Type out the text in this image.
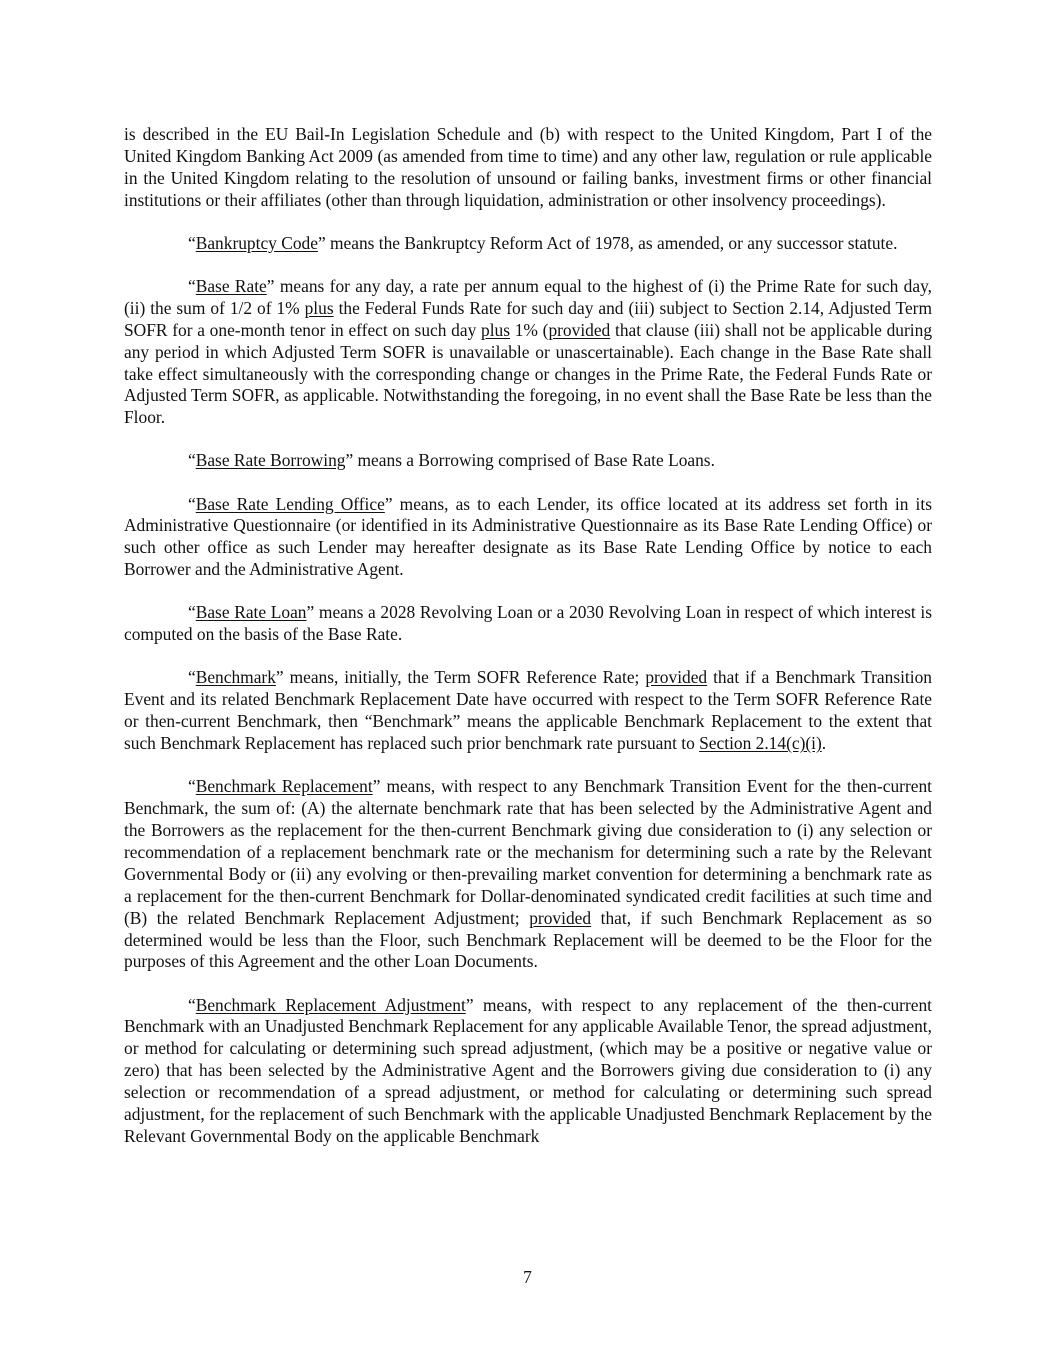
is described in the EU Bail-In Legislation Schedule and (b) with respect to the United Kingdom, Part I of the United Kingdom Banking Act 2009 (as amended from time to time) and any other law, regulation or rule applicable in the United Kingdom relating to the resolution of unsound or failing banks, investment firms or other financial institutions or their affiliates (other than through liquidation, administration or other insolvency proceedings).

“Bankruptcy Code” means the Bankruptcy Reform Act of 1978, as amended, or any successor statute.

“Base Rate” means for any day, a rate per annum equal to the highest of (i) the Prime Rate for such day, (ii) the sum of 1/2 of 1% plus the Federal Funds Rate for such day and (iii) subject to Section 2.14, Adjusted Term SOFR for a one-month tenor in effect on such day plus 1% (provided that clause (iii) shall not be applicable during any period in which Adjusted Term SOFR is unavailable or unascertainable). Each change in the Base Rate shall take effect simultaneously with the corresponding change or changes in the Prime Rate, the Federal Funds Rate or Adjusted Term SOFR, as applicable. Notwithstanding the foregoing, in no event shall the Base Rate be less than the Floor.

“Base Rate Borrowing” means a Borrowing comprised of Base Rate Loans.

“Base Rate Lending Office” means, as to each Lender, its office located at its address set forth in its Administrative Questionnaire (or identified in its Administrative Questionnaire as its Base Rate Lending Office) or such other office as such Lender may hereafter designate as its Base Rate Lending Office by notice to each Borrower and the Administrative Agent.

“Base Rate Loan” means a 2028 Revolving Loan or a 2030 Revolving Loan in respect of which interest is computed on the basis of the Base Rate.

“Benchmark” means, initially, the Term SOFR Reference Rate; provided that if a Benchmark Transition Event and its related Benchmark Replacement Date have occurred with respect to the Term SOFR Reference Rate or then-current Benchmark, then “Benchmark” means the applicable Benchmark Replacement to the extent that such Benchmark Replacement has replaced such prior benchmark rate pursuant to Section 2.14(c)(i).

“Benchmark Replacement” means, with respect to any Benchmark Transition Event for the then-current Benchmark, the sum of: (A) the alternate benchmark rate that has been selected by the Administrative Agent and the Borrowers as the replacement for the then-current Benchmark giving due consideration to (i) any selection or recommendation of a replacement benchmark rate or the mechanism for determining such a rate by the Relevant Governmental Body or (ii) any evolving or then-prevailing market convention for determining a benchmark rate as a replacement for the then-current Benchmark for Dollar-denominated syndicated credit facilities at such time and (B) the related Benchmark Replacement Adjustment; provided that, if such Benchmark Replacement as so determined would be less than the Floor, such Benchmark Replacement will be deemed to be the Floor for the purposes of this Agreement and the other Loan Documents.

“Benchmark Replacement Adjustment” means, with respect to any replacement of the then-current Benchmark with an Unadjusted Benchmark Replacement for any applicable Available Tenor, the spread adjustment, or method for calculating or determining such spread adjustment, (which may be a positive or negative value or zero) that has been selected by the Administrative Agent and the Borrowers giving due consideration to (i) any selection or recommendation of a spread adjustment, or method for calculating or determining such spread adjustment, for the replacement of such Benchmark with the applicable Unadjusted Benchmark Replacement by the Relevant Governmental Body on the applicable Benchmark

7
